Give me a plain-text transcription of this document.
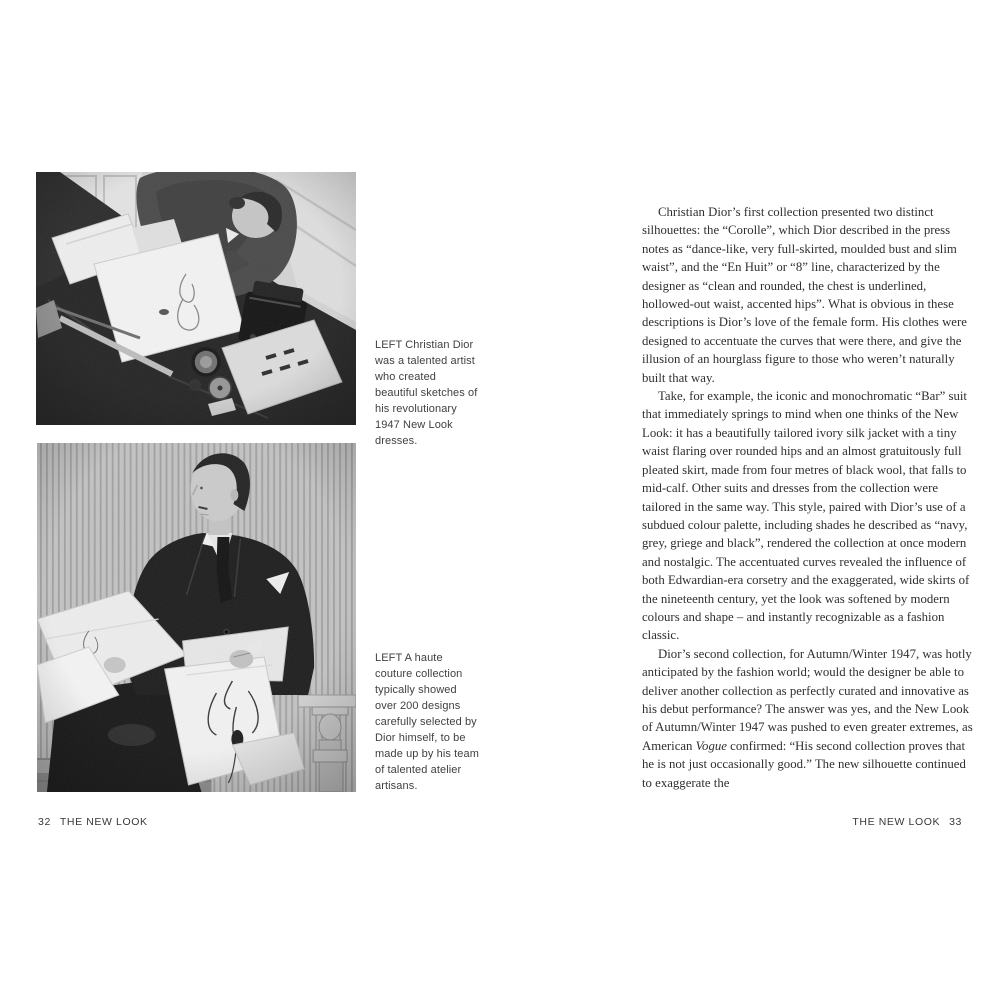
LEFT Christian Dior was a talented artist who created beautiful sketches of his revolutionary 1947 New Look dresses.
LEFT A haute couture collection typically showed over 200 designs carefully selected by Dior himself, to be made up by his team of talented atelier artisans.
32 THE NEW LOOK

Christian Dior’s first collection presented two distinct silhouettes: the “Corolle”, which Dior described in the press notes as “dance-like, very full-skirted, moulded bust and slim waist”, and the “En Huit” or “8” line, characterized by the designer as “clean and rounded, the chest is underlined, hollowed-out waist, accented hips”. What is obvious in these descriptions is Dior’s love of the female form. His clothes were designed to accentuate the curves that were there, and give the illusion of an hourglass figure to those who weren’t naturally built that way.

Take, for example, the iconic and monochromatic “Bar” suit that immediately springs to mind when one thinks of the New Look: it has a beautifully tailored ivory silk jacket with a tiny waist flaring over rounded hips and an almost gratuitously full pleated skirt, made from four metres of black wool, that falls to mid-calf. Other suits and dresses from the collection were tailored in the same way. This style, paired with Dior’s use of a subdued colour palette, including shades he described as “navy, grey, griege and black”, rendered the collection at once modern and nostalgic. The accentuated curves revealed the influence of both Edwardian-era corsetry and the exaggerated, wide skirts of the nineteenth century, yet the look was softened by modern colours and shape – and instantly recognizable as a fashion classic.

Dior’s second collection, for Autumn/Winter 1947, was hotly anticipated by the fashion world; would the designer be able to deliver another collection as perfectly curated and innovative as his debut performance? The answer was yes, and the New Look of Autumn/Winter 1947 was pushed to even greater extremes, as American Vogue confirmed: “His second collection proves that he is not just occasionally good.” The new silhouette continued to exaggerate the

THE NEW LOOK 33
